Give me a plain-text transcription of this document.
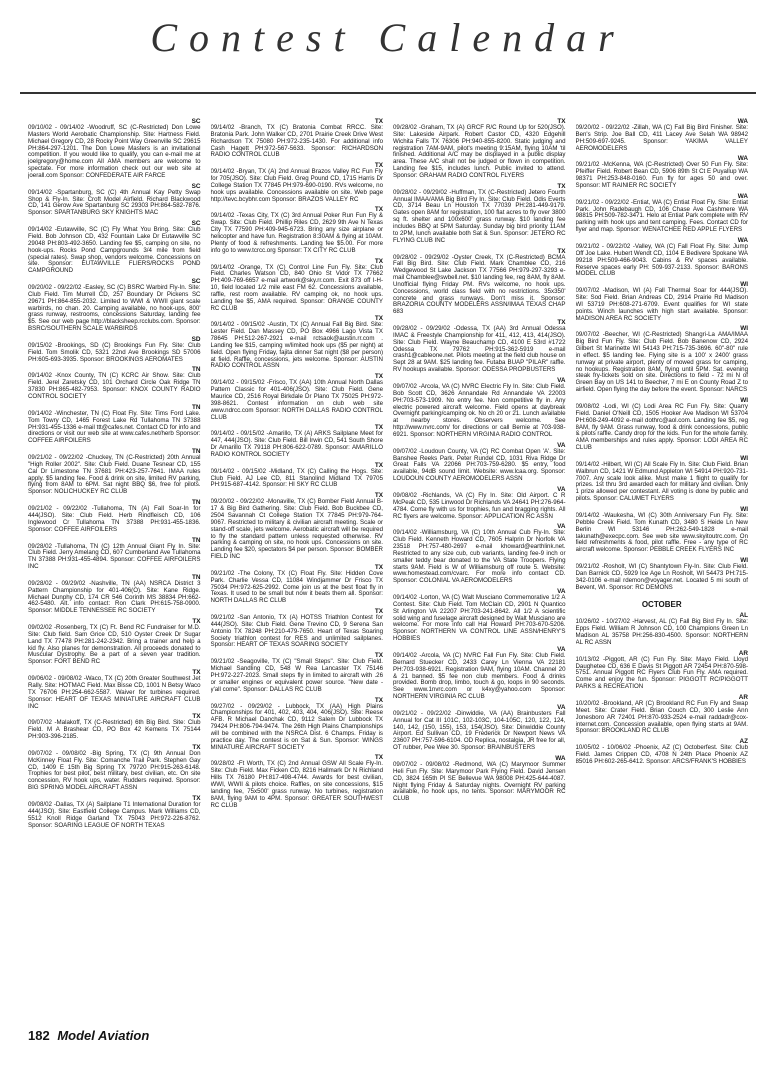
Contest Calendar
SC
09/10/02 - 09/14/02 -Woodruff, SC (C-Restricted) Don Lowe Masters World Aerobatic Championship. Site: Hartness Field. Michael Gregory CD, 28 Rocky Point Way Greenville SC 29615 PH:864-297-1201. The Don Lowe Masters is an invitational competition. If you would like to qualify, you can e-mail me at joelgregory@home.com All AMA members are welcome to spectate. For more information check out our web site at joerall.com Sponsor: CONFEDERATE AIR FARCE
SC
09/14/02 -Spartanburg, SC (C) 4th Annual Kay Petty Swap Shop & Fly-In. Site: Croft Model Airfield. Richard Blackwood CD, 141 Gerow Ave Spartanburg SC 29303 PH:864-582-7876. Sponsor: SPARTANBURG SKY KNIGHTS MAC
SC
09/14/02 -Eutawville, SC (C) Fly What You Bring. Site: Club Field. Bob Johnson CD, 432 Fountain Lake Dr Eutawville SC 29048 PH:803-492-3650. Landing fee $5, camping on site, no hook-ups. Rocks Pond Campgrounds 3/4 mile from field (special rates). Swap shop, vendors welcome. Concessions on site. Sponsor: EUTAWVILLE FLIERS/ROCKS POND CAMPGROUND
SC
09/20/02 - 09/22/02 -Easley, SC (C) BSRC Warbird Fly-In. Site: Club Field. Tim Murrell CD, 257 Boundary Dr Pickens SC 29671 PH:864-855-2032. Limited to WWI & WWII giant scale warbirds, no chan. 20. Camping available, no hook-ups, 800' grass runway, restrooms, concessions Saturday, landing fee $5. See our web page http://blacksheep.rcclubs.com. Sponsor: BSRC/SOUTHERN SCALE WARBIRDS
SD
09/15/02 -Brookings, SD (C) Brookings Fun Fly. Site: Club Field. Tom Smolik CD, 5321 22nd Ave Brookings SD 57006 PH:605-693-3935. Sponsor: BROOKINGS AEROMATES
TN
09/14/02 -Knox County, TN (C) KCRC Air Show. Site: Club Field. Jerel Zaretsky CD, 101 Orchard Circle Oak Ridge TN 37830 PH:865-482-7953. Sponsor: KNOX COUNTY RADIO CONTROL SOCIETY
TN
09/14/02 -Winchester, TN (C) Float Fly. Site: Tims Ford Lake. Tom Towry CD, 1465 Forest Lake Rd Tullahoma TN 37388 PH:931-455-1336 e-mail ttt@cafes.net. Contact CD for info and directions or visit our web site at www.cafes.net/herb Sponsor: COFFEE AIRFOILERS
TN
09/21/02 - 09/22/02 -Chuckey, TN (C-Restricted) 20th Annual "High Roller 2002". Site: Club Field. Duane Tesnear CD, 155 Cal Dr Limestone TN 37681 PH:423-257-7641. IMAA rules apply. $5 landing fee. Food & drink on site, limited RV parking, flying from 8AM to 6PM. Sat night BBQ $6, free for pilots. Sponsor: NOLICHUCKEY RC CLUB
TN
09/21/02 - 09/22/02 -Tullahoma, TN (A) Fall Soar-In for 444(JSO). Site: Club Field. Herb Rindfleisch CD, 106 Inglewood Cr Tullahoma TN 37388 PH:931-455-1836. Sponsor: COFFEE AIRFOILERS
TN
09/28/02 -Tullahoma, TN (C) 12th Annual Giant Fly In. Site: Club Field. Jerry Amelang CD, 607 Cumberland Ave Tullahoma TN 37388 PH:931-455-4894. Sponsor: COFFEE AIRFOILERS INC
TN
09/28/02 - 09/29/02 -Nashville, TN (AA) NSRCA District 3 Pattern Championship for 401-406(O). Site: Kane Ridge. Michael Dunphy CD, 174 CR 546 Corinth MS 38834 PH:662-462-5480. Alt. info contact: Ron Clark PH:615-758-0900. Sponsor: MIDDLE TENNESSEE RC SOCIETY
TX
09/02/02 -Rosenberg, TX (C) Ft. Bend RC Fundraiser for M.D. Site: Club field. Sam Grice CD, 510 Oyster Creek Dr Sugar Land TX 77478 PH:281-242-2342. Bring a trainer and help a kid fly. Also planes for demonstration. All proceeds donated to Muscular Dystrophy. Be a part of a seven year tradition. Sponsor: FORT BEND RC
TX
09/06/02 - 09/08/02 -Waco, TX (C) 20th Greater Southwest Jet Rally. Site: HOTMAC Field. Max Bisse CD, 1001 N Betsy Waco TX 76706 PH:254-662-5587. Waiver for turbines required. Sponsor: HEART OF TEXAS MINIATURE AIRCRAFT CLUB INC
TX
09/07/02 -Malakoff, TX (C-Restricted) 6th Big Bird. Site: Club Field. M A Brashear CD, PO Box 42 Kemens TX 75144 PH:903-396-2185.
TX
09/07/02 - 09/08/02 -Big Spring, TX (C) 9th Annual Don McKinney Float Fly. Site: Comanche Trail Park. Stephen Gay CD, 1409 E 15th Big Spring TX 79720 PH:915-263-6148. Trophies for best pilot, best military, best civilian, etc. On site concession, RV hook ups, water. Rudders required. Sponsor: BIG SPRING MODEL AIRCRAFT ASSN
TX
09/08/02 -Dallas, TX (A) Sailplane T1 International Duration for 444(JSO). Site: Eastfield College Campus. Mark Williams CD, 5512 Knoll Ridge Garland TX 75043 PH:972-226-8762. Sponsor: SOARING LEAGUE OF NORTH TEXAS
TX
09/14/02 -Branch, TX (C) Bratonia Combat RRCC. Site: Bratonia Park. John Walker CD, 2701 Prairie Creek Drive West Richardson TX 75080 PH:972-235-1430. For additional info Cash Hagett PH:972-567-5633. Sponsor: RICHARDSON RADIO CONTROL CLUB
TX
09/14/02 -Bryan, TX (A) 2nd Annual Brazos Valley RC Fun Fly for 705(JSO). Site: Club Field. Greg Pound CD, 1715 Harris Dr College Station TX 77845 PH:979-690-0190. RVs welcome, no hook ups available. Concessions available on site. Web page http://tevc.bcybhr.com Sponsor: BRAZOS VALLEY RC
TX
09/14/02 -Texas City, TX (C) 3rd Annual Poker Run Fun Fly & Swap. Site: Club Field. Phillip Riles CD, 2629 9th Ave N Texas City TX 77590 PH:409-945-6723. Bring any size airplane or helicopter and have fun. Registration 8:30AM & flying at 10AM. Plenty of food & refreshments. Landing fee $5.00. For more info go to www.tcrcc.org Sponsor: TX CITY RC CLUB
TX
09/14/02 -Orange, TX (C) Control Line Fun Fly. Site: Club Field. Charles Watson CD, 840 Ohio St Vidor TX 77662 PH:409-769-6657 e-mail artwork@sky.rr.com. Exit 873 off I-H-10, field located 1/2 mile east FM 62. Concessions available, raffle, rest room available. RV camping ok, no hook ups. Landing fee $5, AMA required. Sponsor: ORANGE COUNTY RC CLUB
TX
09/14/02 - 09/15/02 -Austin, TX (C) Annual Fall Big Bird. Site: Lester Field. Dan Massey CD, PO Box 4966 Lago Vista TX 78645 PH:512-267-2921 e-mail rctsaok@austin.rr.com . Landing fee $15, camping w/limited hook ups ($5 per night) at field. Open flying Friday, fajita dinner Sat night ($8 per person) at field. Raffle, concessions, jets welcome. Sponsor: AUSTIN RADIO CONTROL ASSN
TX
09/14/02 - 09/15/02 -Frisco, TX (AA) 10th Annual North Dallas Pattern Classic for 401-406(JSO). Site: Club Field. Gene Maurice CD, 2516 Royal Birkdale Dr Plano TX 75025 PH:972-398-8621. Contest information on club web site www.ndrcc.com Sponsor: NORTH DALLAS RADIO CONTROL CLUB
TX
09/14/02 - 09/15/02 -Amarillo, TX (A) ARKS Sailplane Meet for 447, 444(JSO). Site: Club Field. Bill Irwin CD, 541 South Shore Dr Amarillo TX 79118 PH:806-622-0789. Sponsor: AMARILLO RADIO KONTROL SOCIETY
TX
09/14/02 - 09/15/02 -Midland, TX (C) Calling the Hogs. Site: Club Field. AJ Lee CD, 811 Stanolind Midland TX 79705 PH:915-687-4142. Sponsor: HI SKY RC CLUB
TX
09/20/02 - 09/22/02 -Monaville, TX (C) Bomber Field Annual B-17 & Big Bird Gathering. Site: Club Field. Bob Buckbee CD, 2504 Savannah Ct College Station TX 77845 PH:979-764-9067. Restricted to military & civilian aircraft meeting. Scale or stand-off scale, jets welcome. Aerobatic aircraft will be required to fly the standard pattern unless requested otherwise. RV parking & camping on site, no hook ups. Concessions on site. Landing fee $20, spectators $4 per person. Sponsor: BOMBER FIELD INC
TX
09/21/02 -The Colony, TX (C) Float Fly. Site: Hidden Cove Park. Charlie Vessa CD, 11084 Windjammer Dr Frisco TX 75034 PH:972-625-2992. Come join us at the best float fly in Texas. It used to be small but now it beats them all. Sponsor: NORTH DALLAS RC CLUB
TX
09/21/02 -San Antonio, TX (A) HOTSS Triathlon Contest for 444(JSO). Site: Club Field. Gene Trevino CD, 9 Serena San Antonio TX 78248 PH:210-479-7650. Heart of Texas Soaring Society triathlon contest for RES and unlimited sailplanes. Sponsor: HEART OF TEXAS SOARING SOCIETY
TX
09/21/02 -Seagoville, TX (C) "Small Steps". Site: Club Field. Michael Sandling CD, 548 W Rea Lancaster TX 75146 PH:972-227-2023. Small steps fly in limited to aircraft with .26 or smaller engines or equivalent power source. "New date - y'all come". Sponsor: DALLAS RC CLUB
TX
09/27/02 - 09/29/02 - Lubbock, TX (AA) High Plains Championships for 401, 402, 403, 404, 406(JSO). Site: Reese AFB. R Michael Danchak CD, 9112 Salem Dr Lubbock TX 79424 PH:806-794-9474. The 26th High Plains Championships will be combined with the NSRCA Dist. 6 Champs. Friday is practice day. The contest is on Sat & Sun. Sponsor: WINGS MINIATURE AIRCRAFT SOCIETY
TX
09/28/02 -Ft Worth, TX (C) 2nd Annual GSW All Scale Fly-In. Site: Club Field. Max Ficken CD, 8216 Hallmark Dr N Richland Hills TX 76180 PH:817-498-4744. Awards for best civilian, WWI, WWII & pilots choice. Raffles, on site concessions, $15 landing fee, 75x500' grass runway. No turbines, registration 8AM, flying 9AM to 4PM. Sponsor: GREATER SOUTHWEST RC CLUB
TX
09/28/02 -Graham, TX (A) GRCF R/C Round Up for 520(JSO). Site: Lakeside Airpark. Robert Castor CD, 4320 Edgehill Wichita Falls TX 76306 PH:940-855-8200. Static judging and registration 7AM-9AM, pilot's meeting 9:15AM, flying 10AM 'til finished. Additional A/C may be displayed in a public display area. These A/C shall not be judged or flown in competition. Landing fee $15, includes lunch. Public invited to attend. Sponsor: GRAHAM RADIO CONTROL FLYERS
TX
09/28/02 - 09/29/02 -Huffman, TX (C-Restricted) Jetero Fourth Annual IMAA/AMA Big Bird Fly In. Site: Club Field. Odis Everts CD, 3714 Beau Ln Houston TX 77039 PH:281-449-9179. Gates open 8AM for registration, 100 flat acres to fly over 3800 sq ft. shelter and 100x600' grass runway. $10 landing fee includes BBQ at 5PM Saturday. Sunday big bird priority 11AM to 2PM, lunch available both Sat & Sun. Sponsor: JETERO RC FLYING CLUB INC
TX
09/28/02 - 09/29/02 -Oyster Creek, TX (C-Restricted) BCMA Fall Big Bird. Site: Club Field. Mark Chamblee CD, 216 Wedgewood St Lake Jackson TX 77566 PH:979-297-3293 e-mail Chamblee@swbell.net. $10 landing fee, reg 8AM, fly 8AM. Unofficial flying Friday PM. RVs welcome, no hook ups. Concessions, world class field with no restrictions. 35x350' concrete and grass runways. Don't miss it. Sponsor: BRAZORIA COUNTY MODELERS ASSN/IMAA TEXAS CHAP 683
TX
09/28/02 - 09/29/02 -Odessa, TX (AA) 3rd Annual Odessa IMAC & Freestyle Championship for 411, 412, 413, 414(JSO). Site: Club Field. Wayne Beauchamp CD, 4100 E 53rd #1722 Odessa TX 79762 PH:915-362-5919 e-mail crash1@cableone.net. Pilots meeting at the field club house on Sept 28 at 9AM. $25 landing fee. Futaba BUAP "PILAR" raffle. RV hookups available. Sponsor: ODESSA PROPBUSTERS
VA
09/07/02 -Arcola, VA (C) NVRC Electric Fly In. Site: Club Field. Bob Scott CD, 3626 Annandale Rd Annandale VA 22003 PH:703-573-1909. No entry fee. Non competitive fly in. Any electric powered aircraft welcome. Field opens at daybreak Overnight parking/camping ok. No ch 20 or 21. Lunch available at nearby stores. Observers welcome. See http://www.nvrc.com/ for directions or call Bernie at 703-938-6921. Sponsor: NORTHERN VIRGINIA RADIO CONTROL
VA
09/07/02 -Loudoun County, VA (C) RC Combat Open 'A'. Site: Banshee Reeks Park. Peter Rundel CD, 1031 Riva Ridge Dr Great Falls VA 22066 PH:703-759-6280. $5 entry, food available, 94dB sound limit. Website: www.lcaa.org. Sponsor: LOUDOUN COUNTY AEROMODELERS ASSN
VA
09/08/02 -Richlands, VA (C) Fly In. Site: Old Airport. C R McPeak CD, 535 Linwood Dr Richlands VA 24641 PH:276-964-4784. Come fly with us for trophies, fun and bragging rights. All RC flyers are welcome. Sponsor: APPLICATION RC ASSN
VA
09/14/02 -Williamsburg, VA (C) 10th Annual Cub Fly-In. Site: Club Field. Kenneth Howard CD, 7605 Halprin Dr Norfolk VA 23518 PH:757-480-2697 e-mail khoward@earthlink.net. Restricted to any size cub, cub variants, landing fee-9 inch or smaller teddy bear donated to the VA State Troopers. Flying starts 9AM. Field is W of Williamsburg off route 5. Website: www.homestead.com/cvarc. For more info contact CD. Sponsor: COLONIAL VA AEROMODELERS
VA
09/14/02 -Lorton, VA (C) Walt Musciano Commemorative 1/2 A Contest. Site: Club Field. Tom McClain CD, 2901 N Quantico St Arlington VA 22207 PH:703-241-8642. All 1/2 A scientific solid wing and fuselage aircraft designed by Walt Musciano are welcome. For more info call Hal Howard PH:703-670-5206. Sponsor: NORTHERN VA CONTROL LINE ASSN/HENRY'S HOBBIES
VA
09/14/02 -Arcola, VA (C) NVRC Fall Fun Fly. Site: Club Field. Bernard Stuecker CD, 2433 Carey Ln Vienna VA 22181 PH:703-938-6921. Registration 9AM, flying 10AM. Channel 20 & 21 banned. $5 fee non club members. Food & drinks provided. Bomb drop, limbo, touch & go, loops in 90 seconds. See www.1nvrc.com or k4xy@yahoo.com Sponsor: NORTHERN VIRGINIA RC CLUB
VA
09/21/02 - 09/22/02 -Dinwiddie, VA (AA) Brainbusters Fall Annual for Cat III 101C, 102-103C, 104-105C, 120, 122, 124, 140, 142, (150, 155), 153, 154(JSO). Site: Dinwiddie County Airport. Ed Sullivan CD, 19 Frederick Dr Newport News VA 23607 PH:757-596-6104. OD Replica, nostalgia, JR free for all, OT rubber, Pee Wee 30. Sponsor: BRAINBUSTERS
WA
09/07/02 - 09/08/02 -Redmond, WA (C) Marymoor Summer Heli Fun Fly. Site: Marymoor Park Flying Field. David Jensen CD, 3824 165th Pl SE Bellevue WA 98008 PH:425-644-4087. Night flying Friday & Saturday nights. Overnight RV parking available, no hook ups, no tents. Sponsor: MARYMOOR RC CLUB
WA
09/20/02 - 09/22/02 -Zillah, WA (C) Fall Big Bird Finisher. Site: Ben's Strip. Joe Ball CD, 411 Lacey Ave Selah WA 98942 PH:509-697-9245. Sponsor: YAKIMA VALLEY AEROMODELERS
WA
09/21/02 -McKenna, WA (C-Restricted) Over 50 Fun Fly. Site: Pfeiffer Field. Robert Bean CD, 5906 89th St Ct E Puyallup WA 98371 PH:253-848-0160. Fun fly for ages 50 and over. Sponsor: MT RAINIER RC SOCIETY
WA
09/21/02 - 09/22/02 -Entiat, WA (C) Entiat Float Fly. Site: Entiat Park. John Radebaugh CD, 106 Chase Ave Cashmere WA 98815 PH:509-782-3471. Helo at Entiat Park complete with RV parking with hook ups and tent camping. Fees. Contact CD for flyer and map. Sponsor: WENATCHEE RED APPLE FLYERS
WA
09/21/02 - 09/22/02 -Valley, WA (C) Fall Float Fly. Site: Jump Off Joe Lake. Hubert Wendt CD, 1104 E Bedivere Spokane WA 99218 PH:509-466-9043. Cabins & RV spaces available. Reserve spaces early PH: 509-937-2133. Sponsor: BARONS MODEL CLUB
WI
09/07/02 -Madison, WI (A) Fall Thermal Soar for 444(JSO). Site: Sod Field. Brian Andreas CD, 2914 Prairie Rd Madison WI 53719 PH:608-271-6709. Event qualifies for WI state points. Winch launches with high start available. Sponsor: MADISON AREA RC SOCIETY
WI
09/07/02 -Beecher, WI (C-Restricted) Shangri-La AMA/IMAA Big Bird Fun Fly. Site: Club Field. Bob Banenow CD, 2924 Gilbert St Marinette WI 54143 PH:715-735-3696. 60"-80" rule in effect. $5 landing fee. Flying site is a 100' x 2400' grass runway at private airport, plenty of mowed grass for camping, no hookups. Registration 8AM, flying until 5PM. Sat. evening steak fry-tickets sold on site. Directions to field - 72 mi N of Green Bay on US 141 to Beecher, 7 mi E on County Road Z to airfield. Open flying the day before the event. Sponsor: NARCS
WI
09/08/02 -Lodi, WI (C) Lodi Area RC Fun Fly. Site: Quarry Field. Daniel O'Neill CD, 1505 Hooker Ave Madison WI 53704 PH:608-249-4092 e-mail dothrc@aol.com. Landing fee $5, reg 8AM, fly 9AM. Grass runway, food & drink concessions, public & pilots raffle. Candy drop for the kids. Fun for the whole family. AMA memberships and rules apply. Sponsor: LODI AREA RC CLUB
WI
09/14/02 -Hilbert, WI (C) All Scale Fly In. Site: Club Field. Brian Walbrun CD, 1421 W Edmund Appleton WI 54914 PH:920-731-7007. Any scale look alike. Must make 1 flight to qualify for prizes. 1st thru 3rd awarded each for military and civilian. Only 1 prize allowed per contestant. All voting is done by public and pilots. Sponsor: CALUMET FLYERS
WI
09/14/02 -Waukesha, WI (C) 30th Anniversary Fun Fly. Site: Pebble Creek Field. Tom Kunath CD, 3480 S Heide Ln New Berlin WI 53146 PH:262-549-1828 e-mail takunath@execpc.com. See web site www.skyitoutrc.com. On field refreshments & food, pilot raffle. Free - any type of RC aircraft welcome. Sponsor: PEBBLE CREEK FLYERS INC
WI
09/21/02 -Rosholt, WI (C) Shantytown Fly-In. Site: Club Field. Dan Barnick CD, 5929 Ice Age Ln Rosholt, WI 54473 PH:715-342-0106 e-mail rdemon@voyager.net. Located 5 mi south of Bevent, WI. Sponsor: RC DEMONS
OCTOBER
AL
10/26/02 - 10/27/02 -Harvest, AL (C) Fall Big Bird Fly In. Site: Epps Field. William R Johnson CD, 100 Champions Green Ln Madison AL 35758 PH:256-830-4500. Sponsor: NORTHERN AL RC ASSN
AR
10/13/02 -Piggott, AR (C) Fun Fly. Site: Mayo Field. Lloyd Daughetee CD, 636 E Davis St Piggott AR 72454 PH:870-598-5751. Annual Piggott RC Flyers Club Fun Fly. AMA required. Come and enjoy the fun. Sponsor: PIGGOTT RC/PIGGOTT PARKS & RECREATION
AR
10/20/02 -Brookland, AR (C) Brookland RC Fun Fly and Swap Meet. Site: Crater Field. Brian Couch CD, 300 Leslie Ann Jonesboro AR 72401 PH:870-933-2524 e-mail raddadr@cox-internet.com. Concession available, open flying starts at 9AM. Sponsor: BROOKLAND RC CLUB
AZ
10/05/02 - 10/06/02 -Phoenix, AZ (C) Octoberfest. Site: Club Field. James Crippen CD, 4708 N 24th Place Phoenix AZ 85016 PH:602-265-6412. Sponsor: ARCS/FRANK'S HOBBIES
182 Model Aviation
